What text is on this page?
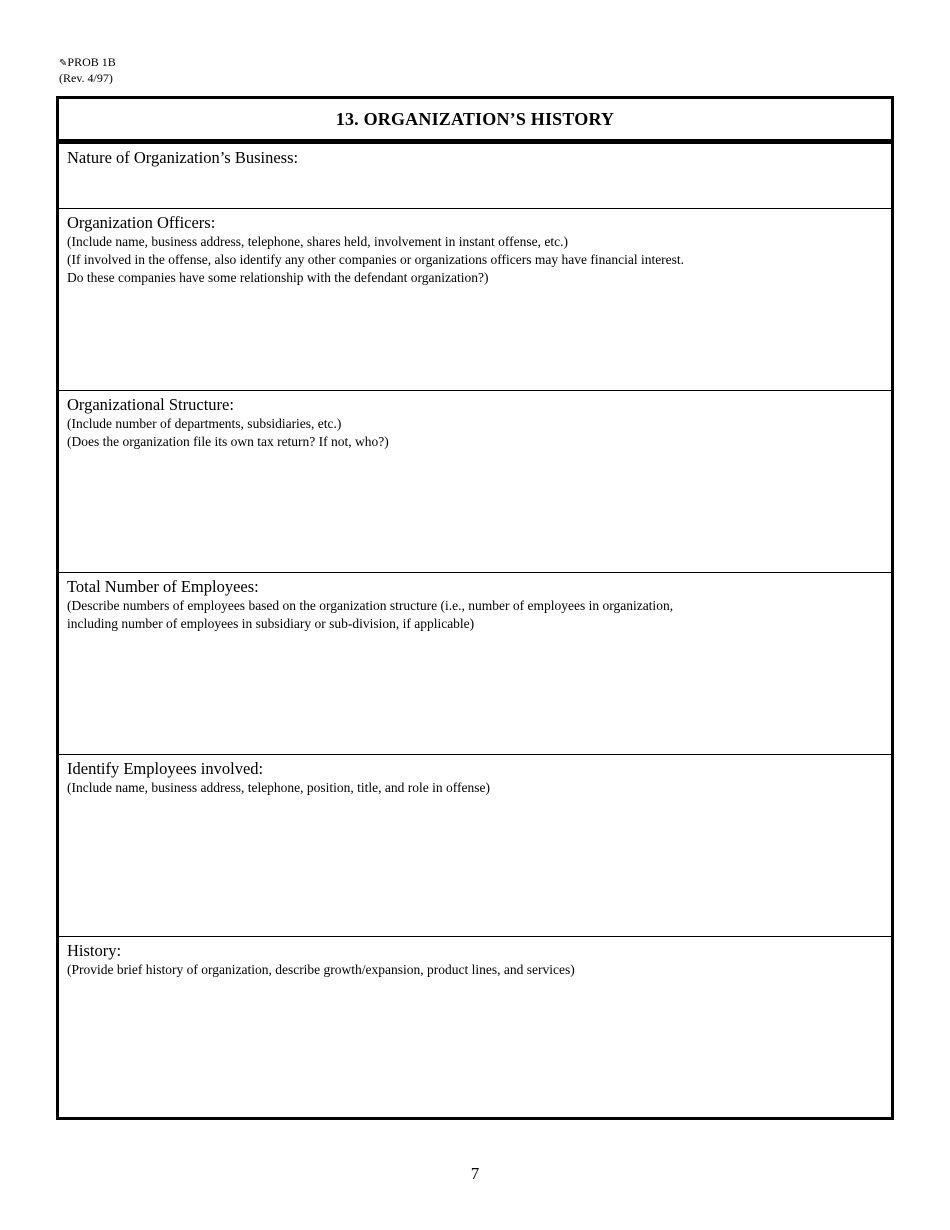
✎PROB 1B
(Rev. 4/97)
13. ORGANIZATION’S HISTORY
Nature of Organization’s Business:
Organization Officers:
(Include name, business address, telephone, shares held, involvement in instant offense, etc.)
(If involved in the offense, also identify any other companies or organizations officers may have financial interest.
Do these companies have some relationship with the defendant organization?)
Organizational Structure:
(Include number of departments, subsidiaries, etc.)
(Does the organization file its own tax return? If not, who?)
Total Number of Employees:
(Describe numbers of employees based on the organization structure (i.e., number of employees in organization,
including number of employees in subsidiary or sub-division, if applicable)
Identify Employees involved:
(Include name, business address, telephone, position, title, and role in offense)
History:
(Provide brief history of organization, describe growth/expansion, product lines, and services)
7
